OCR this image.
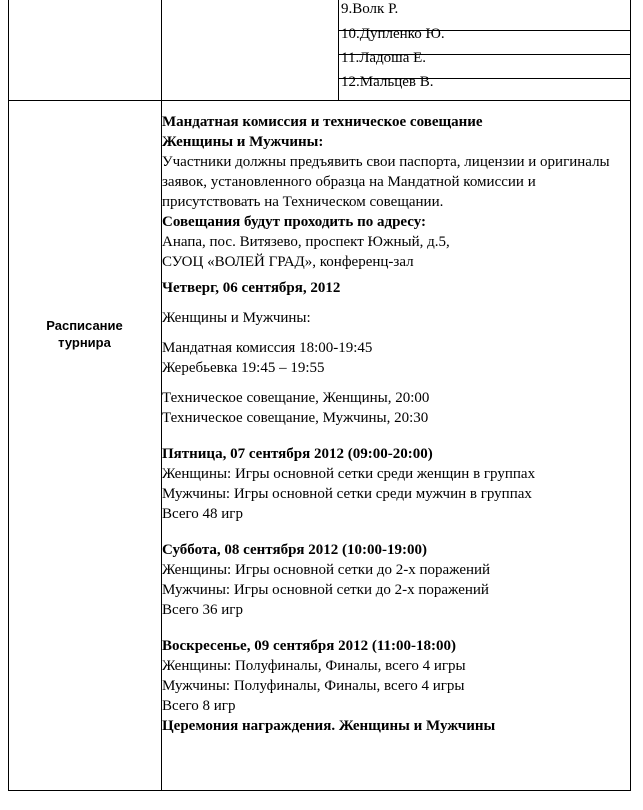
9.Волк Р.
10.Дупленко Ю.
11.Ладоша Е.
12.Мальцев В.
Расписание турнира

Мандатная комиссия и техническое совещание

Женщины и Мужчины:

Участники должны предъявить свои паспорта, лицензии и оригиналы заявок, установленного образца на Мандатной комиссии и присутствовать на Техническом совещании.

Совещания будут проходить по адресу:

Анапа, пос. Витязево, проспект Южный, д.5,

СУОЦ «ВОЛЕЙ ГРАД», конференц-зал

Четверг, 06 сентября, 2012

Женщины и Мужчины:

Мандатная комиссия 18:00-19:45

Жеребьевка 19:45 – 19:55

Техническое совещание, Женщины, 20:00

Техническое совещание, Мужчины, 20:30

Пятница, 07 сентября 2012 (09:00-20:00)

Женщины: Игры основной сетки среди женщин в группах

Мужчины: Игры основной сетки среди мужчин в группах

Всего 48 игр

Суббота, 08 сентября 2012 (10:00-19:00)

Женщины: Игры основной сетки до 2-х поражений

Мужчины: Игры основной сетки до 2-х поражений

Всего 36 игр

Воскресенье, 09 сентября 2012 (11:00-18:00)

Женщины: Полуфиналы, Финалы, всего 4 игры

Мужчины: Полуфиналы, Финалы, всего 4 игры

Всего 8 игр

Церемония награждения. Женщины и Мужчины
